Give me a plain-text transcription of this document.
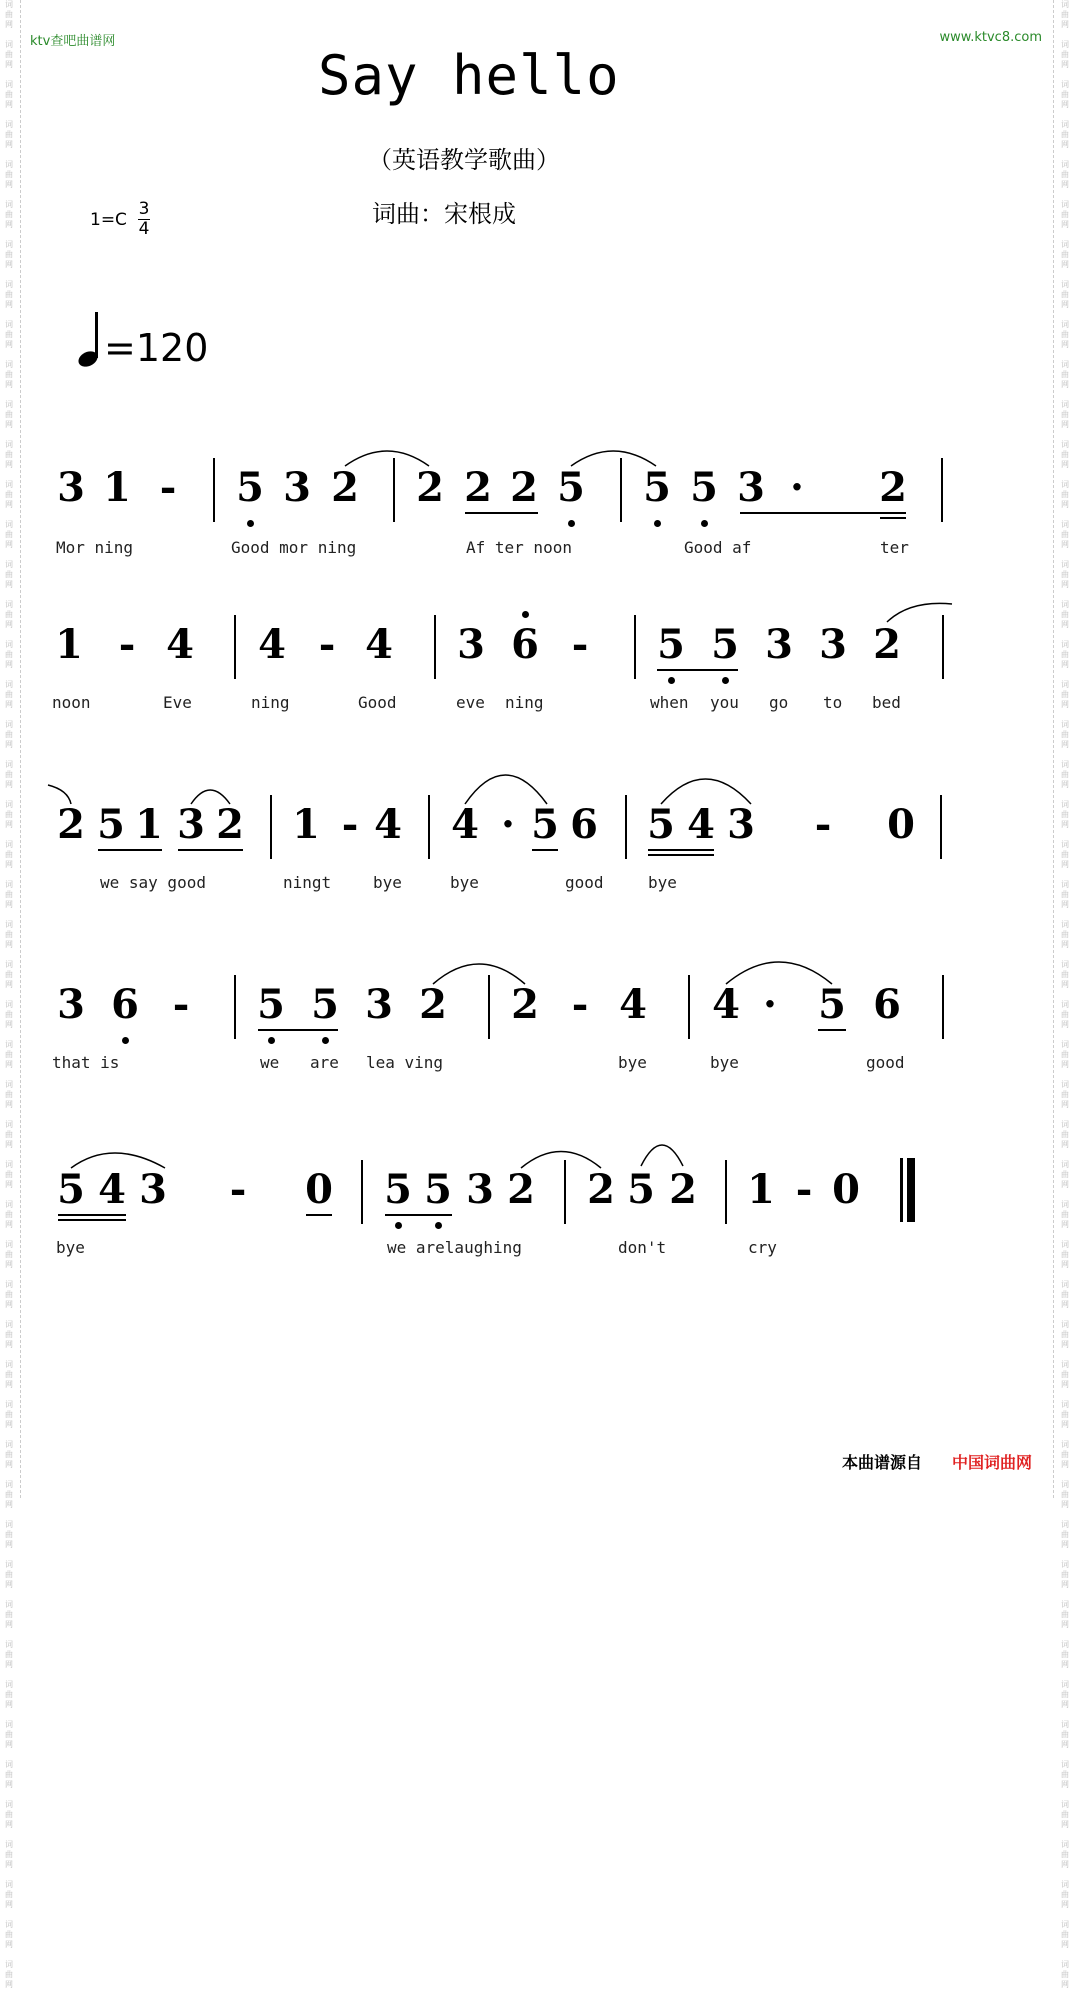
词
曲
网

词
曲
网

词
曲
网

词
曲
网

词
曲
网

词
曲
网

词
曲
网

词
曲
网

词
曲
网

词
曲
网

词
曲
网

词
曲
网

词
曲
网

词
曲
网

词
曲
网

词
曲
网

词
曲
网

词
曲
网

词
曲
网

词
曲
网

词
曲
网

词
曲
网

词
曲
网

词
曲
网

词
曲
网

词
曲
网

词
曲
网

词
曲
网

词
曲
网

词
曲
网

词
曲
网

词
曲
网

词
曲
网

词
曲
网

词
曲
网

词
曲
网

词
曲
网

词
曲
网

词
曲
网

词
曲
网

词
曲
网

词
曲
网

词
曲
网

词
曲
网

词
曲
网

词
曲
网

词
曲
网

词
曲
网

词
曲
网

词
曲
网

词
曲
网

词
曲
网

词
曲
网

词
曲
网

词
曲
网

词
曲
网

词
曲
网

词
曲
网

词
曲
网

词
曲
网

词
曲
网

词
曲
网

词
曲
网

词
曲
网

词
曲
网

词
曲
网

词
曲
网

词
曲
网

词
曲
网

词
曲
网

词
曲
网

词
曲
网

词
曲
网

词
曲
网

词
曲
网

词
曲
网

词
曲
网

词
曲
网

词
曲
网

词
曲
网

词
曲
网

词
曲
网

词
曲
网

词
曲
网

词
曲
网

词
曲
网

词
曲
网

词
曲
网

词
曲
网

词
曲
网

词
曲
网

词
曲
网

词
曲
网

词
曲
网

词
曲
网

词
曲
网

词
曲
网

词
曲
网

词
曲
网

词
曲
网

ktv查吧曲谱网	www.ktvc8.com
Say hello
（英语教学歌曲）
词曲：宋根成
1=C
3
4
=120
3 1 - 5 3 2 2 2 2 5 5 5 3 · 2
Mor ning	Good mor ning	Af ter noon	Good af	ter
1 - 4 4 - 4 3 6 - 5 5 3 3 2
noon	Eve	ning	Good	eve ning	when you go to bed
2 5 1 3 2 1 - 4 4 · 5 6 5 4 3 - 0
we say good	ningt	bye	bye	good	bye
3 6 - 5 5 3 2 2 - 4 4 · 5 6
that is	we are lea ving	bye	bye	good
5 4 3 - 0 5 5 3 2 2 5 2 1 - 0
bye	we arelaughing	don't	cry
本曲谱源自 中国词曲网
